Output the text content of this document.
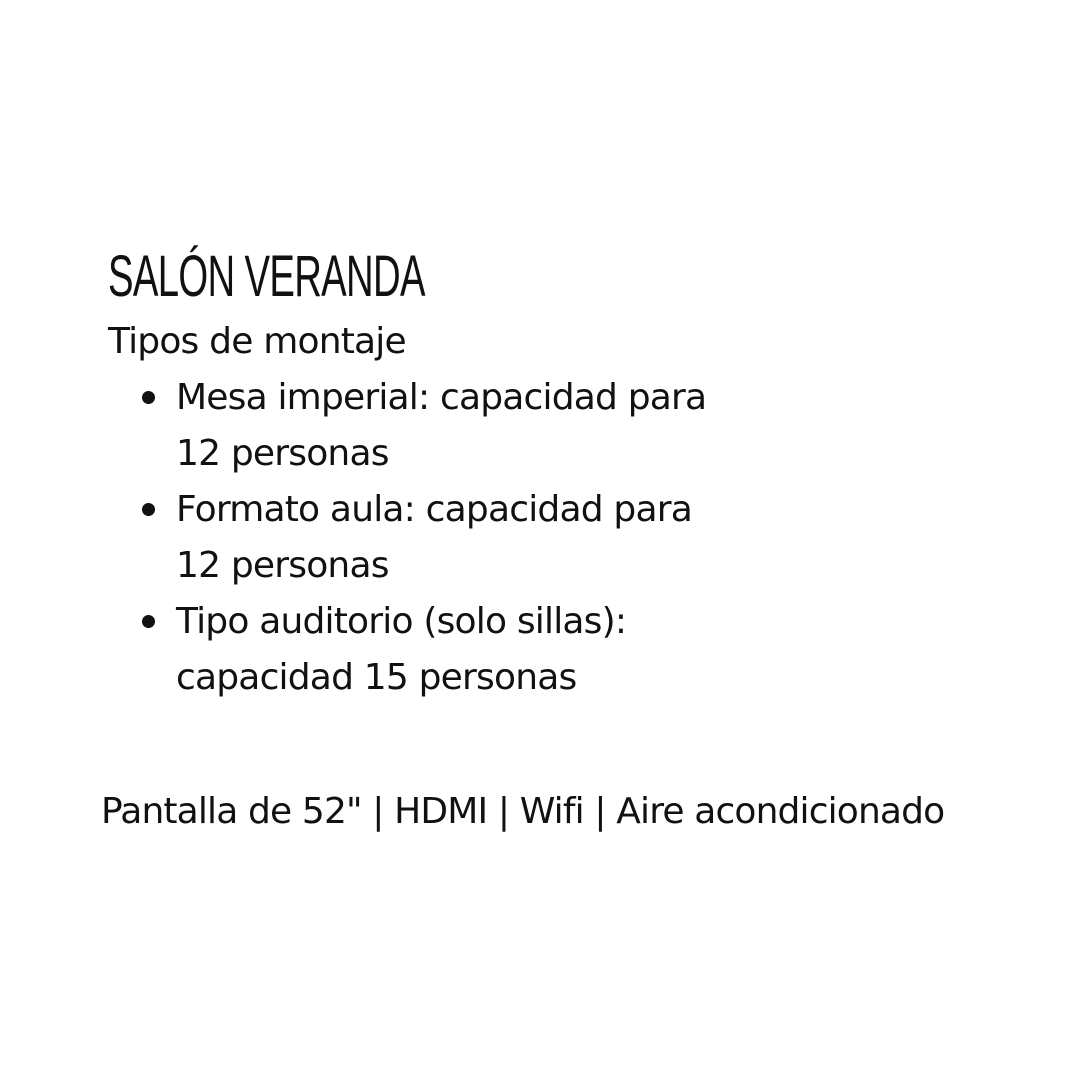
SALÓN VERANDA

Tipos de montaje

Mesa imperial: capacidad para
12 personas
Formato aula: capacidad para
12 personas
Tipo auditorio (solo sillas):
capacidad 15 personas

Pantalla de 52" | HDMI | Wifi | Aire acondicionado
